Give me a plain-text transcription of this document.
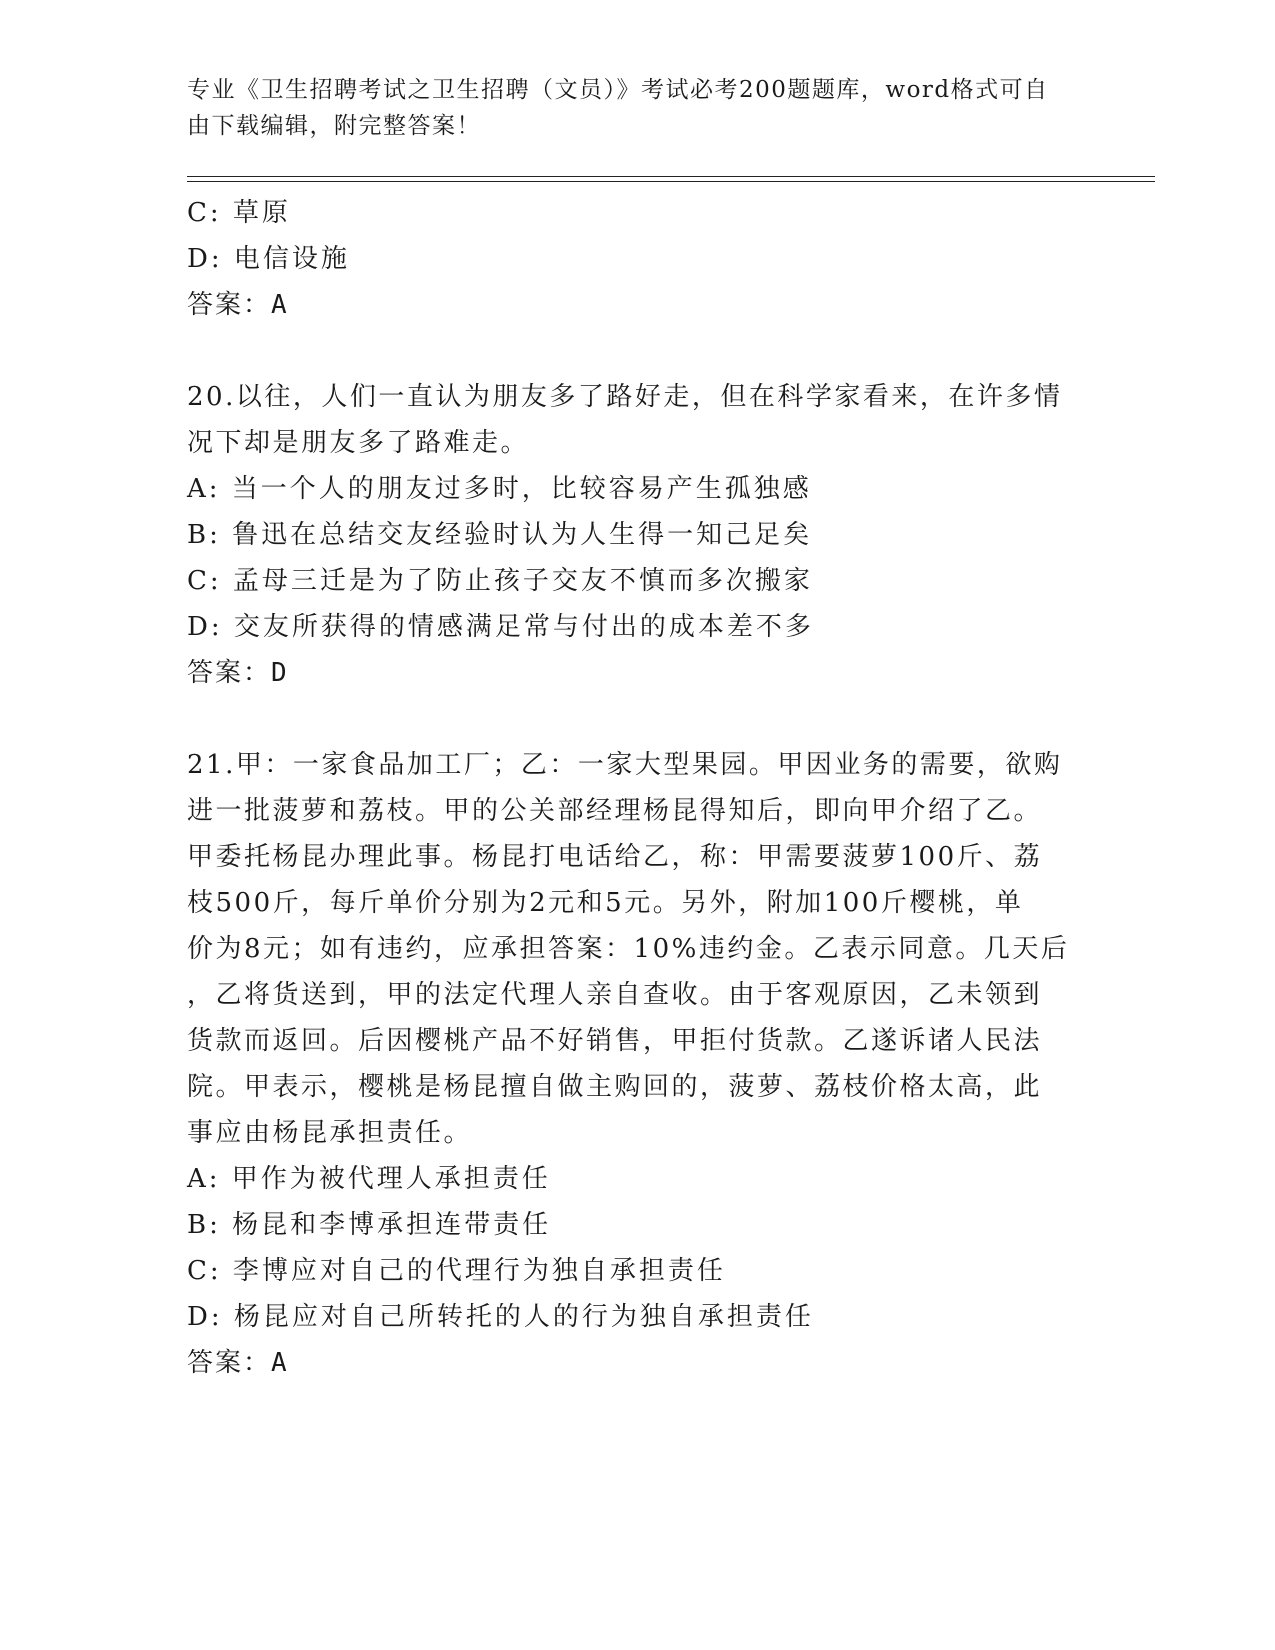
专业《卫生招聘考试之卫生招聘（文员）》考试必考200题题库，word格式可自
由下载编辑，附完整答案！
C: 草原
D: 电信设施
答案：A
20.以往，人们一直认为朋友多了路好走，但在科学家看来，在许多情
况下却是朋友多了路难走。
A: 当一个人的朋友过多时，比较容易产生孤独感
B: 鲁迅在总结交友经验时认为人生得一知己足矣
C: 孟母三迁是为了防止孩子交友不慎而多次搬家
D: 交友所获得的情感满足常与付出的成本差不多
答案：D
21.甲：一家食品加工厂；乙：一家大型果园。甲因业务的需要，欲购
进一批菠萝和荔枝。甲的公关部经理杨昆得知后，即向甲介绍了乙。
甲委托杨昆办理此事。杨昆打电话给乙，称：甲需要菠萝100斤、荔
枝500斤，每斤单价分别为2元和5元。另外，附加100斤樱桃，单
价为8元；如有违约，应承担答案：10%违约金。乙表示同意。几天后
，乙将货送到，甲的法定代理人亲自查收。由于客观原因，乙未领到
货款而返回。后因樱桃产品不好销售，甲拒付货款。乙遂诉诸人民法
院。甲表示，樱桃是杨昆擅自做主购回的，菠萝、荔枝价格太高，此
事应由杨昆承担责任。
A: 甲作为被代理人承担责任
B: 杨昆和李博承担连带责任
C: 李博应对自己的代理行为独自承担责任
D: 杨昆应对自己所转托的人的行为独自承担责任
答案：A
